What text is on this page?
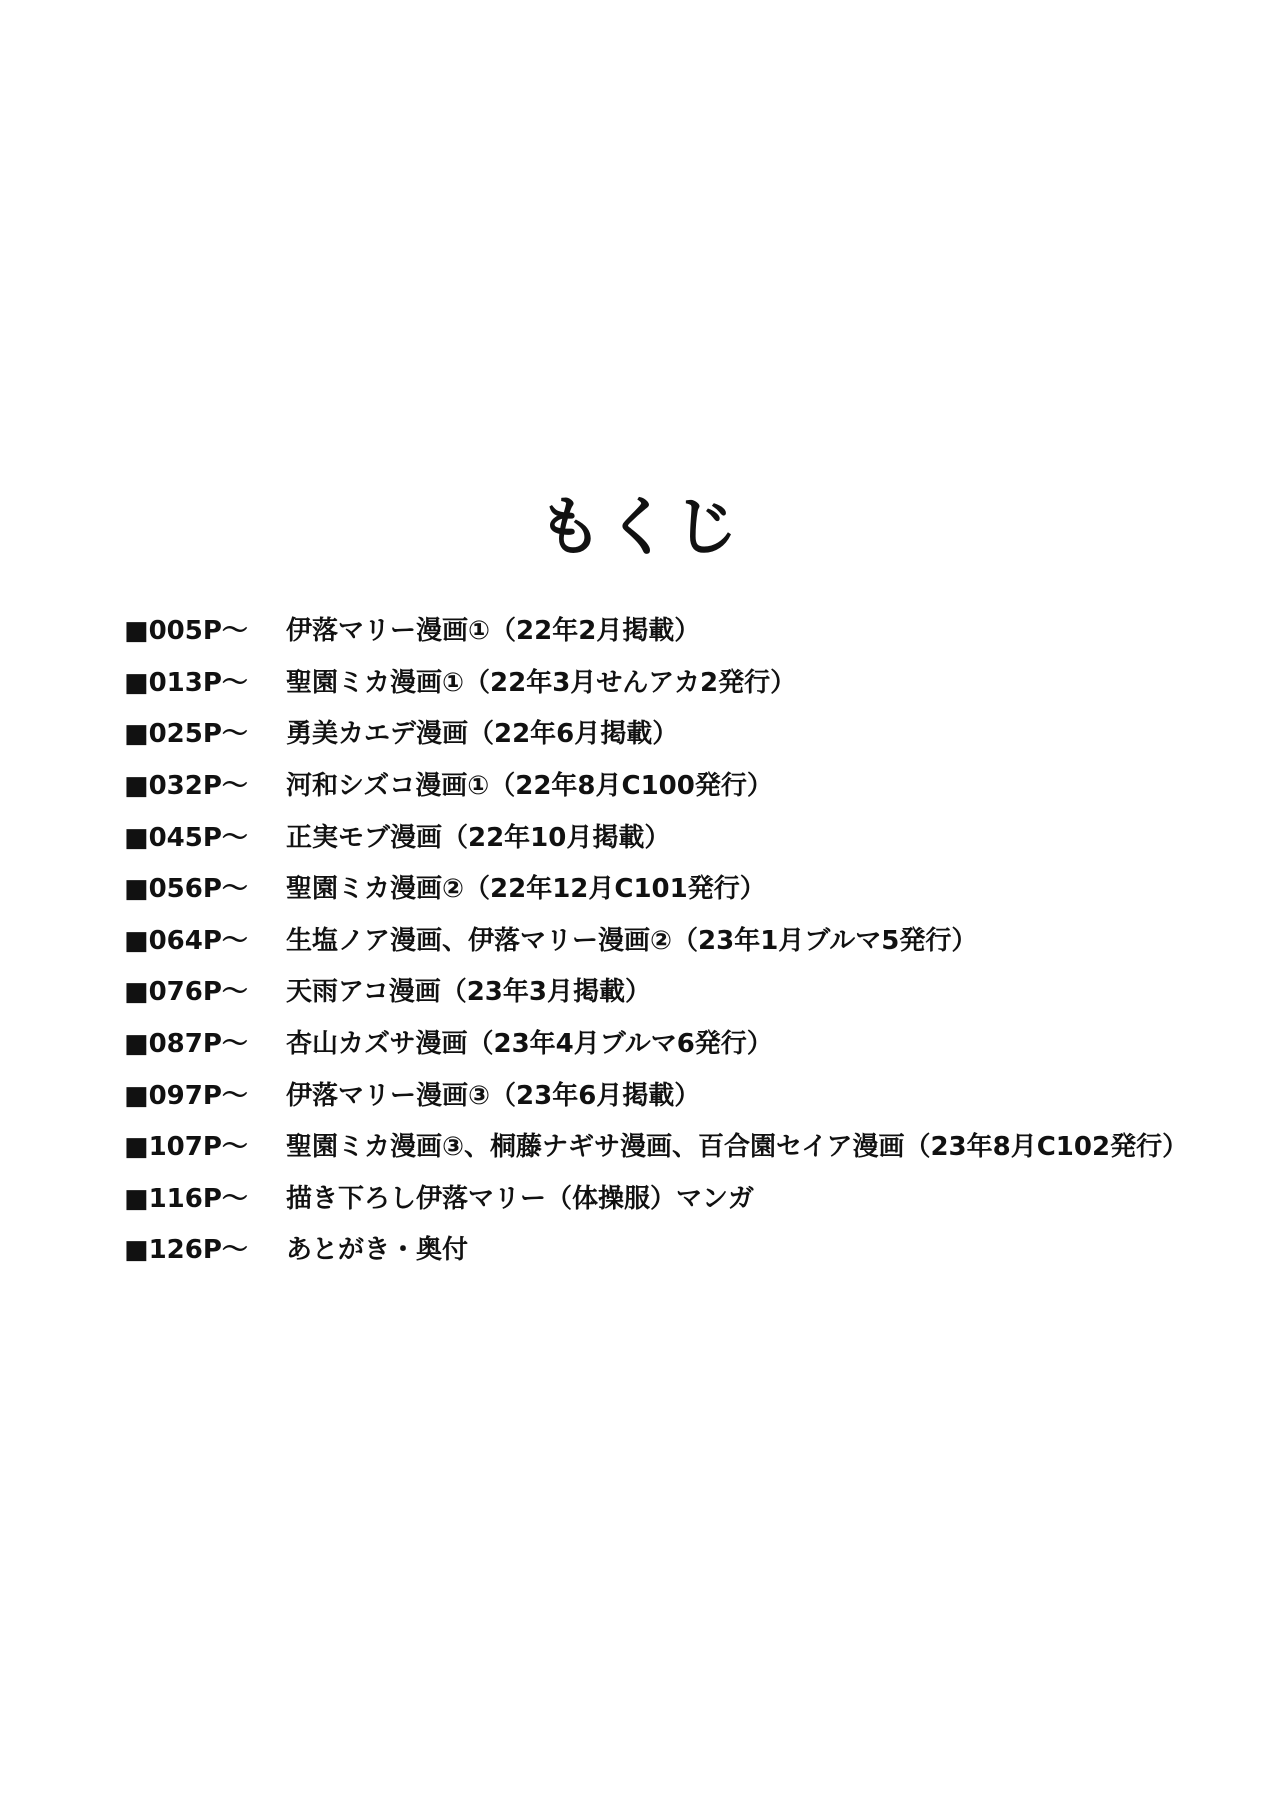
もくじ
■005P～	伊落マリー漫画①（22年2月掲載）
■013P～	聖園ミカ漫画①（22年3月せんアカ2発行）
■025P～	勇美カエデ漫画（22年6月掲載）
■032P～	河和シズコ漫画①（22年8月C100発行）
■045P～	正実モブ漫画（22年10月掲載）
■056P～	聖園ミカ漫画②（22年12月C101発行）
■064P～	生塩ノア漫画、伊落マリー漫画②（23年1月ブルマ5発行）
■076P～	天雨アコ漫画（23年3月掲載）
■087P～	杏山カズサ漫画（23年4月ブルマ6発行）
■097P～	伊落マリー漫画③（23年6月掲載）
■107P～	聖園ミカ漫画③、桐藤ナギサ漫画、百合園セイア漫画（23年8月C102発行）
■116P～	描き下ろし伊落マリー（体操服）マンガ
■126P～	あとがき・奥付
